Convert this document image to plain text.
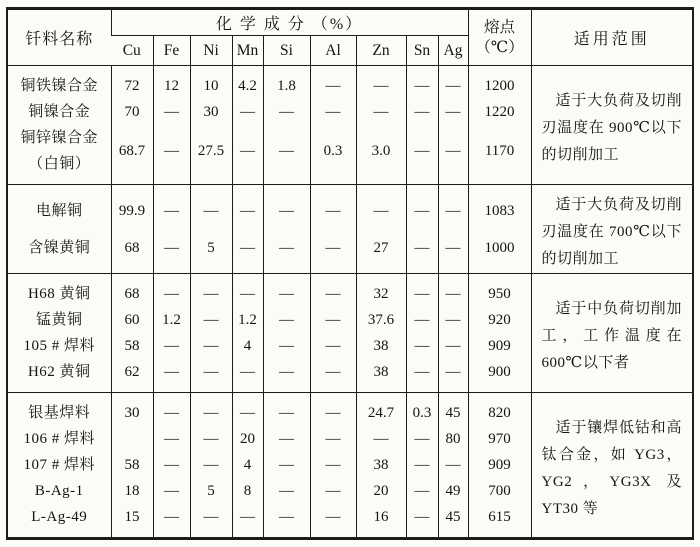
钎料名称	化 学 成 分 （%）									熔点
（℃）	适用范围
	Cu	Fe	Ni	Mn	Si	Al	Zn	Sn	Ag		
铜铁镍合金	72	12	10	4.2	1.8	—	—	—	—	1200	适于大负荷及切削刃温度在 900℃以下的切削加工
铜镍合金	70	—	30	—	—	—	—	—	—	1220	
铜锌镍合金
（白铜）	68.7	—	27.5	—	—	0.3	3.0	—	—	1170	
电解铜	99.9	—	—	—	—	—	—	—	—	1083	适于大负荷及切削刃温度在 700℃以下的切削加工
含镍黄铜	68	—	5	—	—	—	27	—	—	1000	
H68 黄铜	68	—	—	—	—	—	32	—	—	950	适于中负荷切削加工，工作温度在 600℃以下者
锰黄铜	60	1.2	—	1.2	—	—	37.6	—	—	920	
105 # 焊料	58	—	—	4	—	—	38	—	—	909	
H62 黄铜	62	—	—	—	—	—	38	—	—	900	
银基焊料	30	—	—	—	—	—	24.7	0.3	45	820	适于镶焊低钴和高钛合金，如 YG3，YG2，YG3X 及 YT30 等
106 # 焊料		—	—	20	—	—	—	—	80	970	
107 # 焊料	58	—	—	4	—	—	38	—	—	909	
B-Ag-1	18	—	5	8	—	—	20	—	49	700	
L-Ag-49	15	—	—	—	—	—	16	—	45	615	
